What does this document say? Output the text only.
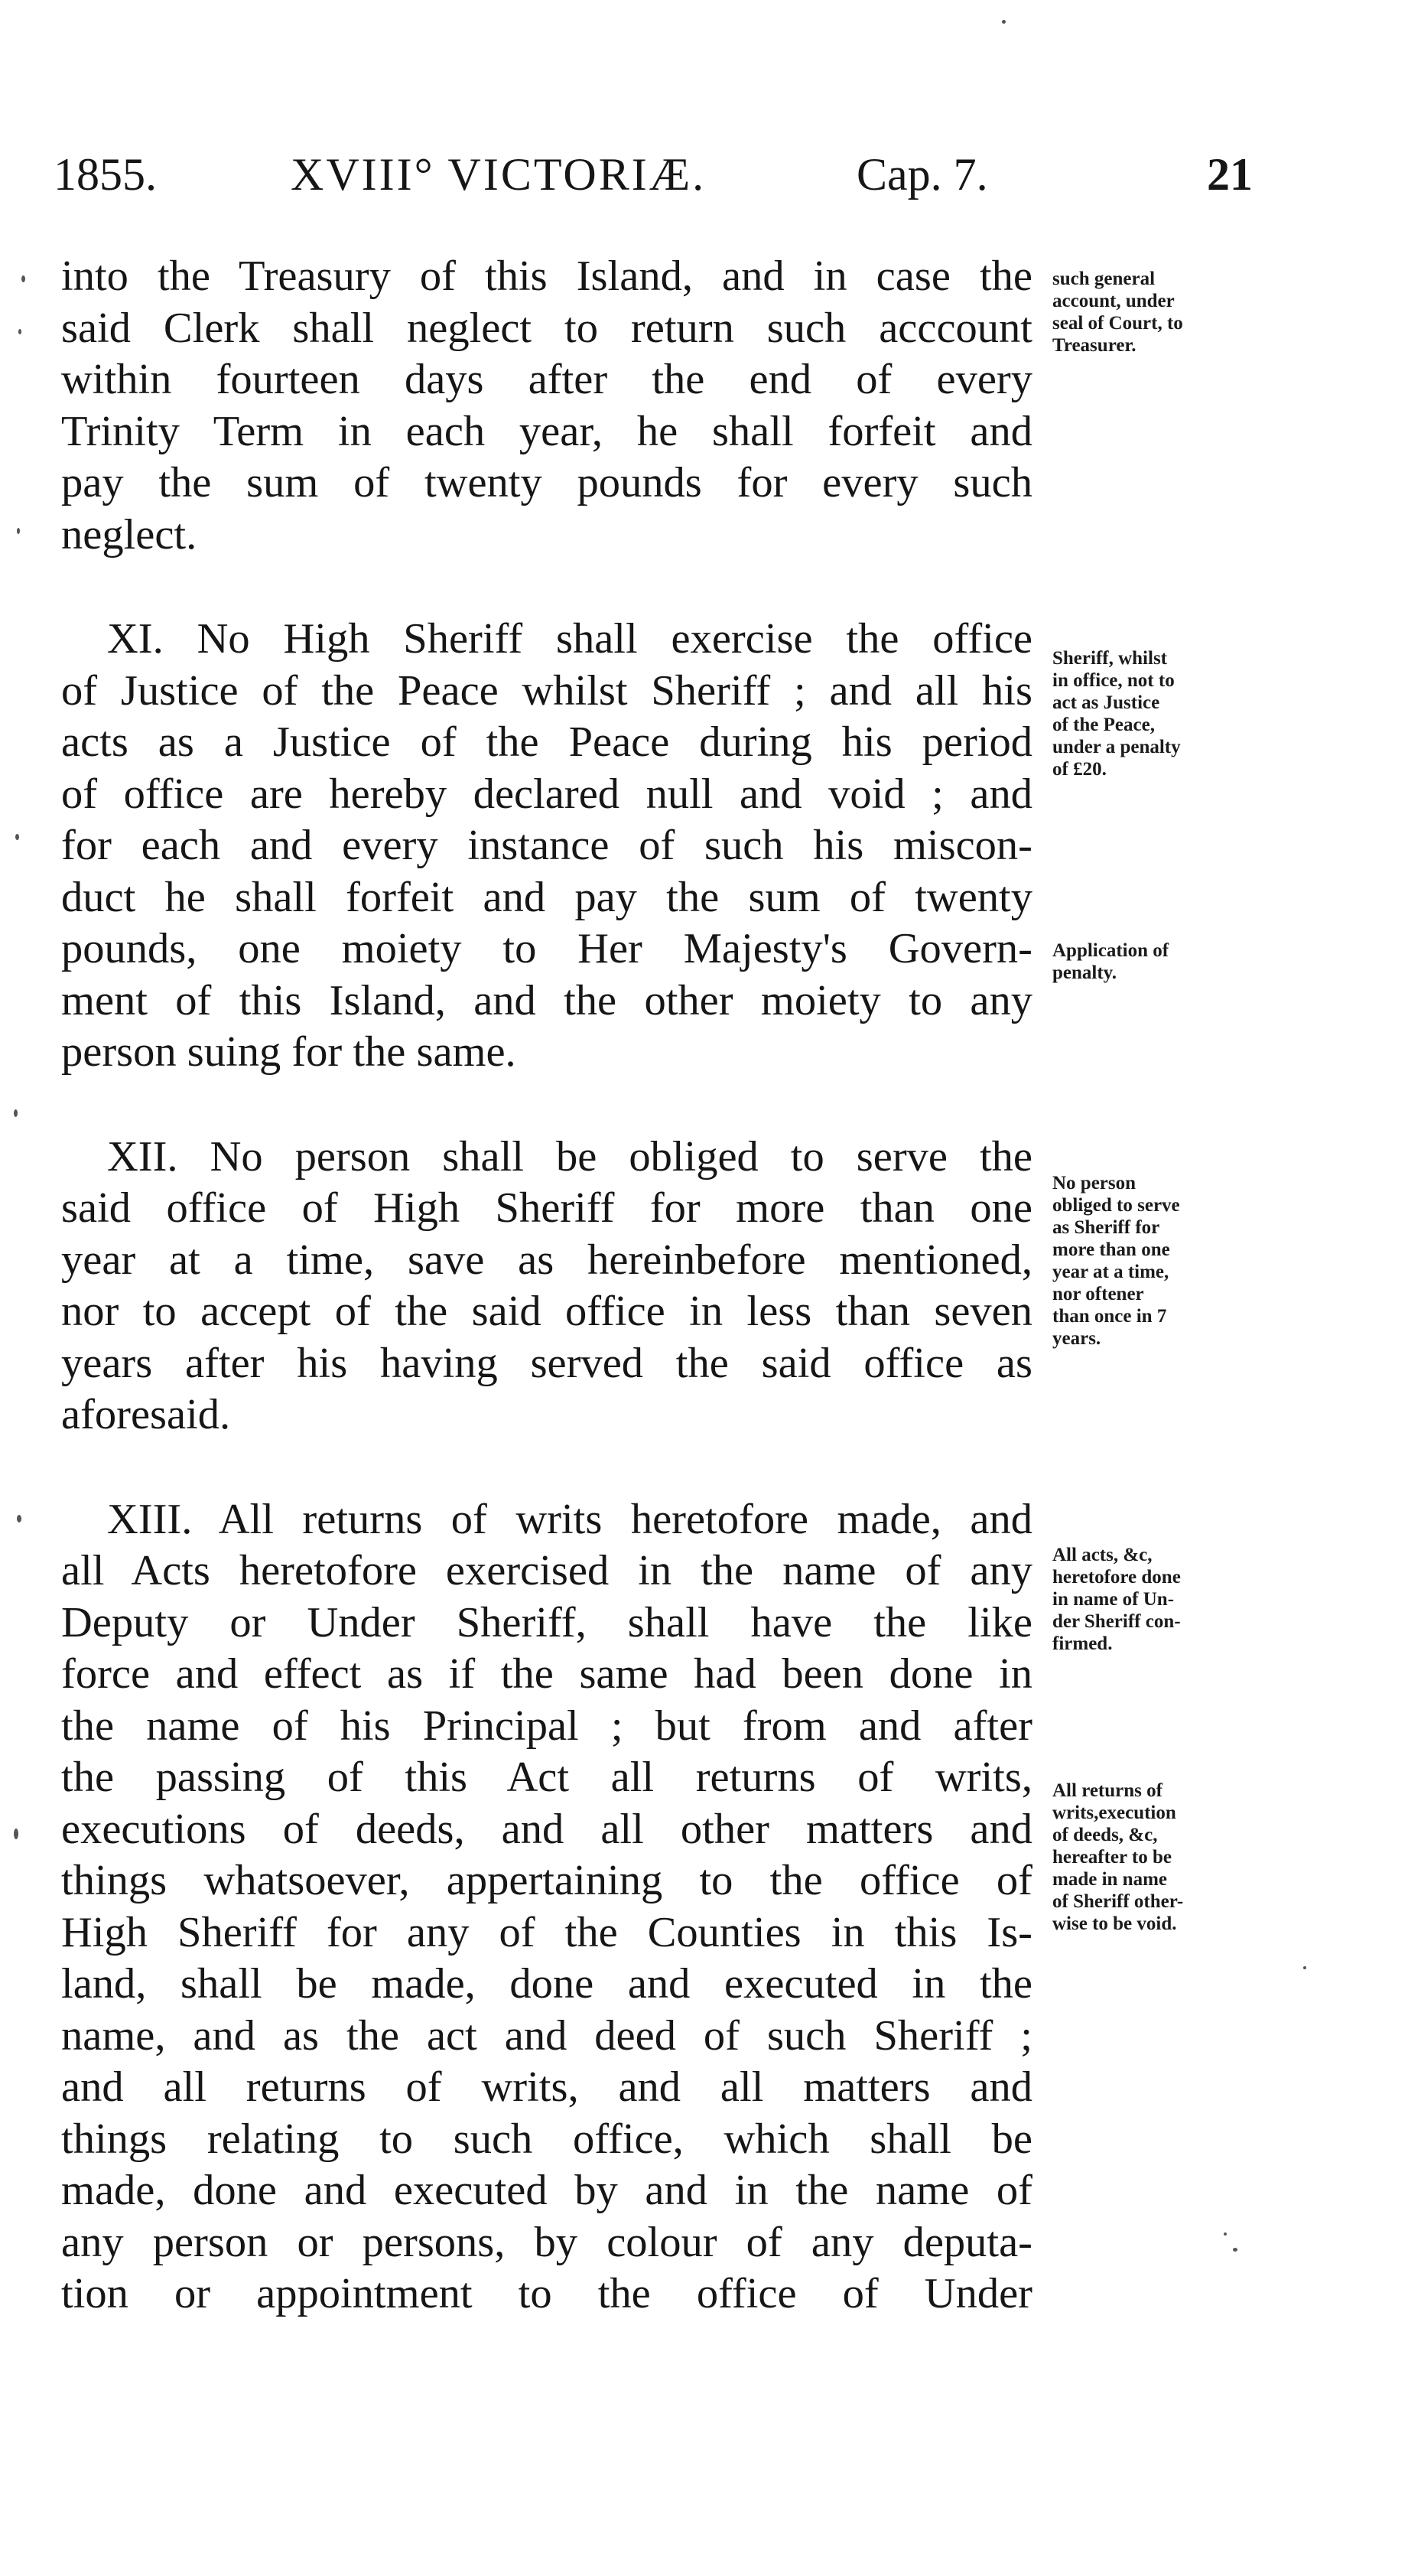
1855.	XVIII° VICTORIÆ.	Cap. 7.	21
into the Treasury of this Island, and in case the
said Clerk shall neglect to return such acccount
within fourteen days after the end of every
Trinity Term in each year, he shall forfeit and
pay the sum of twenty pounds for every such
neglect.
XI. No High Sheriff shall exercise the office
of Justice of the Peace whilst Sheriff ; and all his
acts as a Justice of the Peace during his period
of office are hereby declared null and void ; and
for each and every instance of such his miscon-
duct he shall forfeit and pay the sum of twenty
pounds, one moiety to Her Majesty's Govern-
ment of this Island, and the other moiety to any
person suing for the same.
XII. No person shall be obliged to serve the
said office of High Sheriff for more than one
year at a time, save as hereinbefore mentioned,
nor to accept of the said office in less than seven
years after his having served the said office as
aforesaid.
XIII. All returns of writs heretofore made, and
all Acts heretofore exercised in the name of any
Deputy or Under Sheriff, shall have the like
force and effect as if the same had been done in
the name of his Principal ; but from and after
the passing of this Act all returns of writs,
executions of deeds, and all other matters and
things whatsoever, appertaining to the office of
High Sheriff for any of the Counties in this Is-
land, shall be made, done and executed in the
name, and as the act and deed of such Sheriff ;
and all returns of writs, and all matters and
things relating to such office, which shall be
made, done and executed by and in the name of
any person or persons, by colour of any deputa-
tion or appointment to the office of Under
such general
account, under
seal of Court, to
Treasurer.
Sheriff, whilst
in office, not to
act as Justice
of the Peace,
under a penalty
of £20.
Application of
penalty.
No person
obliged to serve
as Sheriff for
more than one
year at a time,
nor oftener
than once in 7
years.
All acts, &c,
heretofore done
in name of Un-
der Sheriff con-
firmed.
All returns of
writs,execution
of deeds, &c,
hereafter to be
made in name
of Sheriff other-
wise to be void.
